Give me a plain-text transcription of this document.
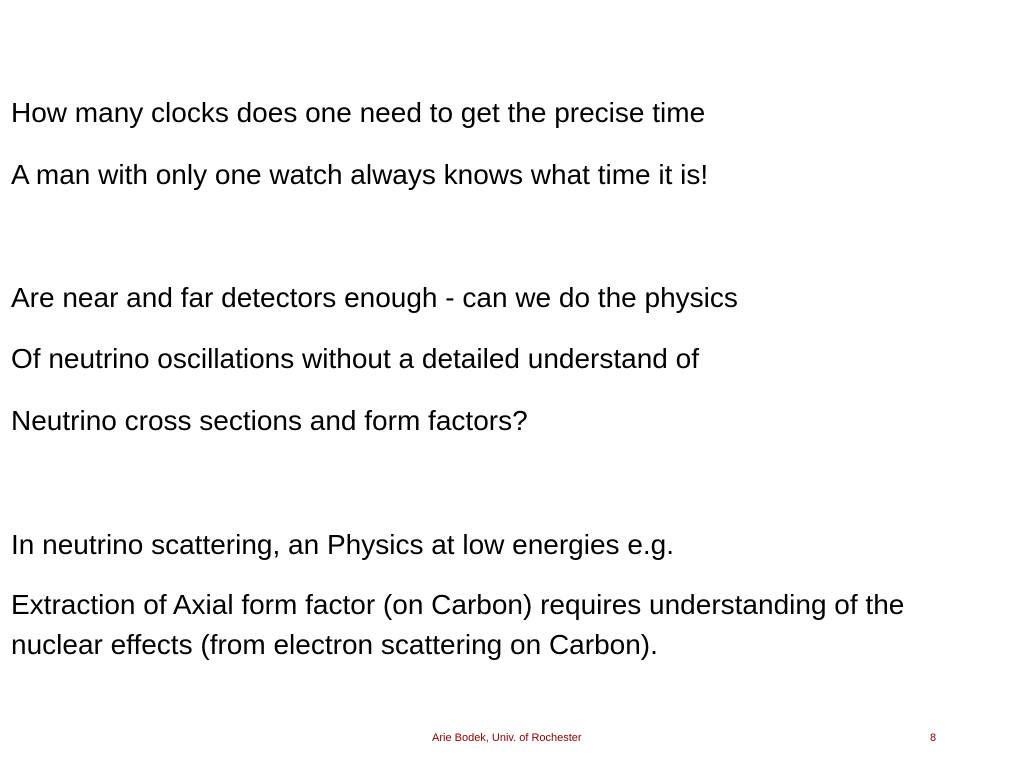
How many clocks does one need to get the precise time

A man with only one watch always knows what time it is!

Are near and far detectors enough - can we do the physics

Of neutrino oscillations without a detailed understand of

Neutrino cross sections and form factors?

In neutrino scattering, an Physics at low energies e.g.

Extraction of Axial form factor (on Carbon) requires understanding of the nuclear effects (from electron scattering on Carbon).

Arie Bodek, Univ. of Rochester	8
